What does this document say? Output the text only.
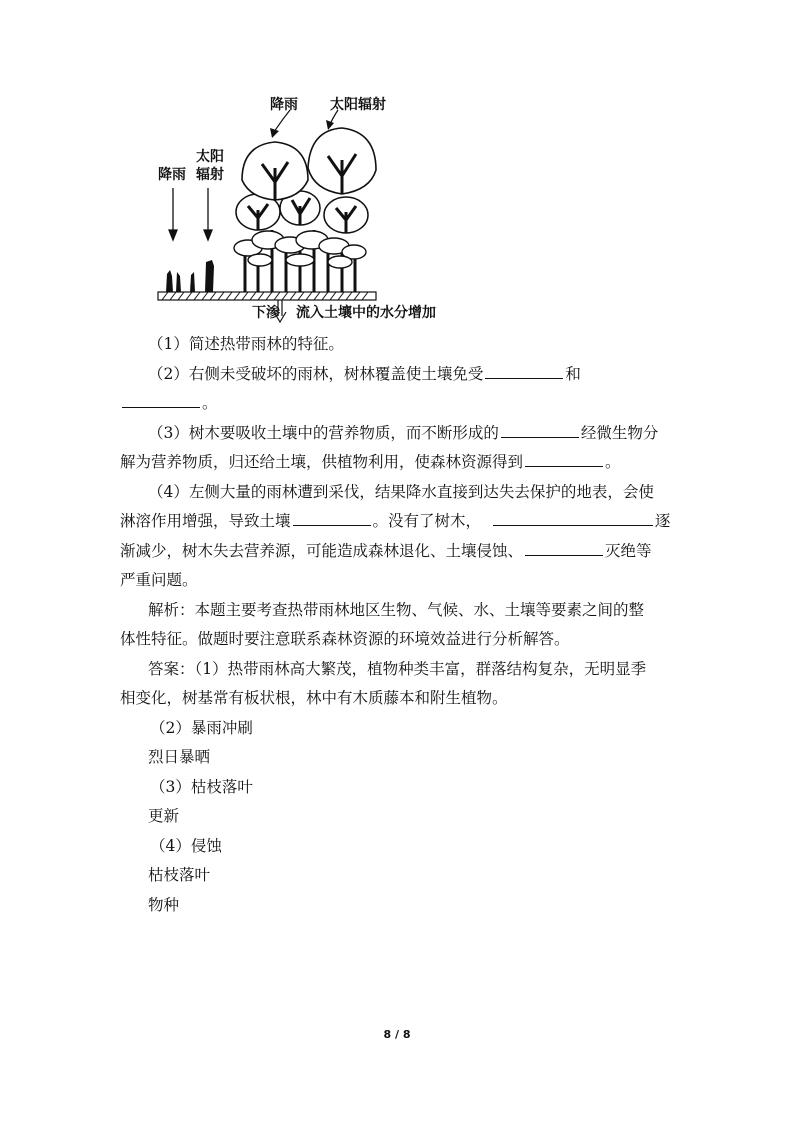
降雨 太阳辐射
降雨
太阳
辐射
下渗 流入土壤中的水分增加
（1）简述热带雨林的特征。
（2）右侧未受破坏的雨林，树林覆盖使土壤免受	和
。
（3）树木要吸收土壤中的营养物质，而不断形成的	经微生物分
解为营养物质，归还给土壤，供植物利用，使森林资源得到	。
（4）左侧大量的雨林遭到采伐，结果降水直接到达失去保护的地表，会使
淋溶作用增强，导致土壤	。没有了树木，	逐
渐减少，树木失去营养源，可能造成森林退化、土壤侵蚀、	灭绝等
严重问题。
解析：本题主要考查热带雨林地区生物、气候、水、土壤等要素之间的整
体性特征。做题时要注意联系森林资源的环境效益进行分析解答。
答案：（1）热带雨林高大繁茂，植物种类丰富，群落结构复杂，无明显季
相变化，树基常有板状根，林中有木质藤本和附生植物。
（2）暴雨冲刷
烈日暴晒
（3）枯枝落叶
更新
（4）侵蚀
枯枝落叶
物种
8 / 8
